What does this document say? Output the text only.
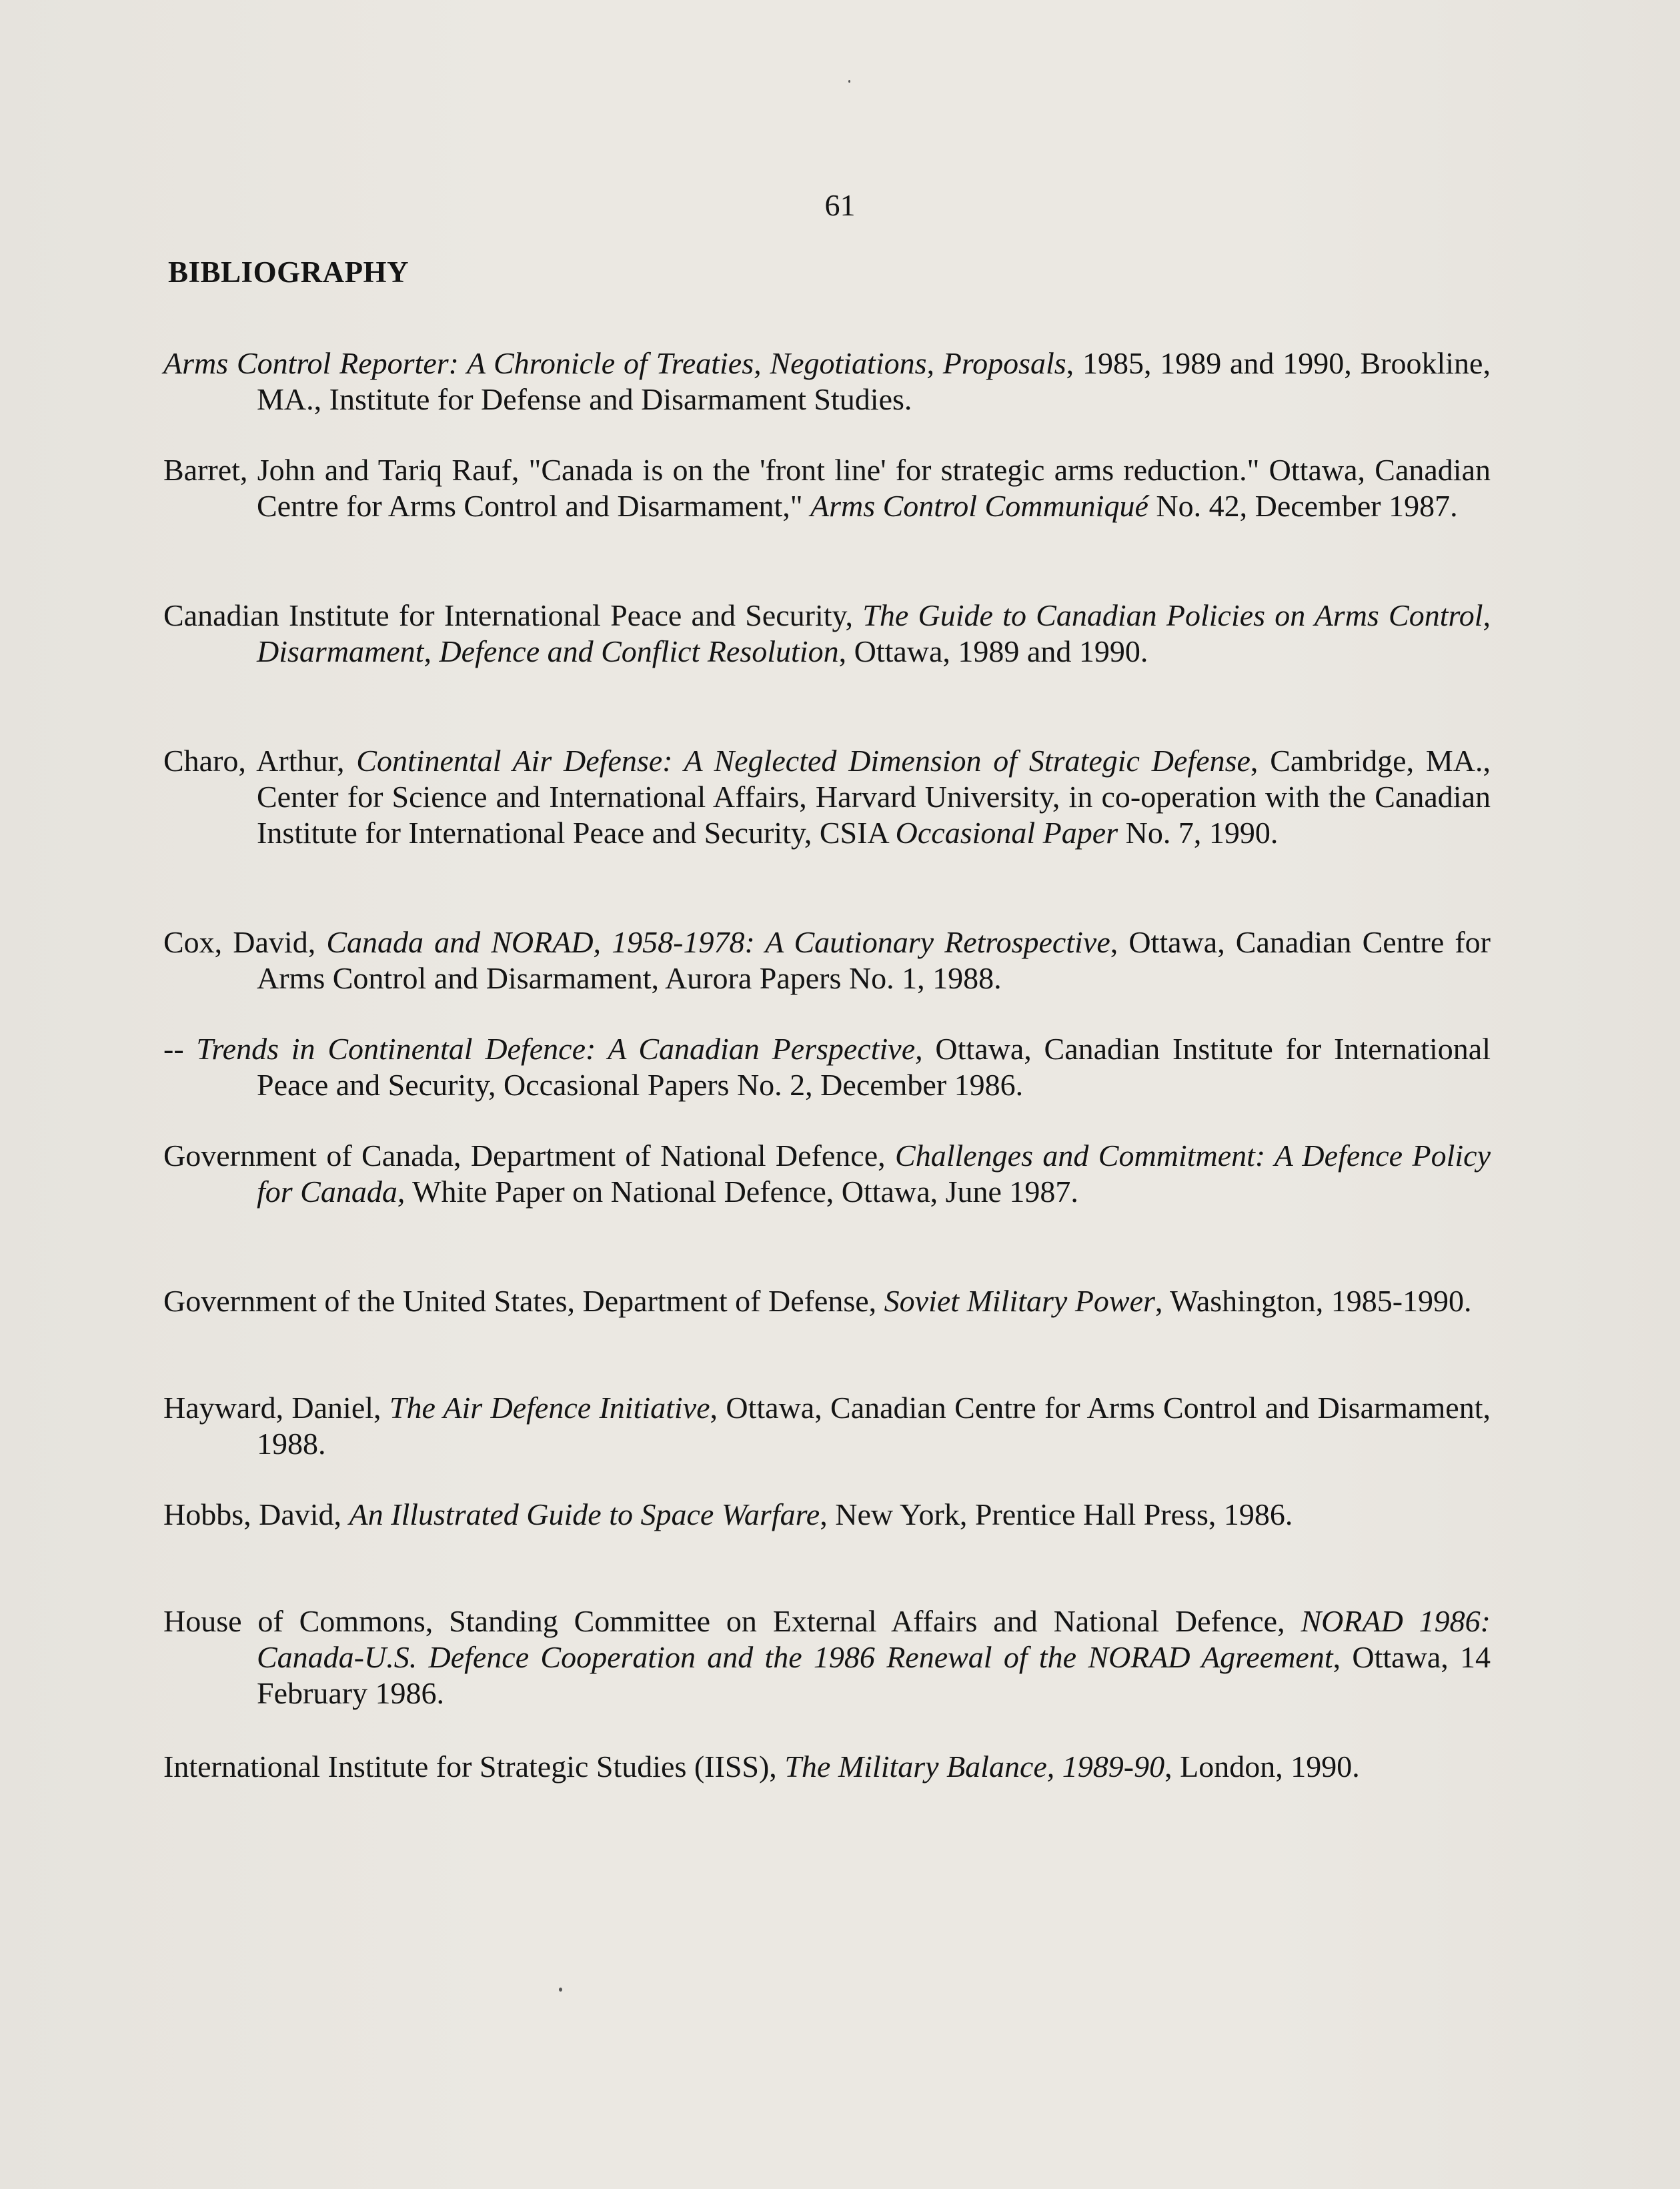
61
BIBLIOGRAPHY
Arms Control Reporter: A Chronicle of Treaties, Negotiations, Proposals, 1985, 1989 and 1990, Brookline, MA., Institute for Defense and Disarmament Studies.
Barret, John and Tariq Rauf, "Canada is on the 'front line' for strategic arms reduction." Ottawa, Canadian Centre for Arms Control and Disarmament," Arms Control Communiqué No. 42, December 1987.
Canadian Institute for International Peace and Security, The Guide to Canadian Policies on Arms Control, Disarmament, Defence and Conflict Resolution, Ottawa, 1989 and 1990.
Charo, Arthur, Continental Air Defense: A Neglected Dimension of Strategic Defense, Cambridge, MA., Center for Science and International Affairs, Harvard University, in co-operation with the Canadian Institute for International Peace and Security, CSIA Occasional Paper No. 7, 1990.
Cox, David, Canada and NORAD, 1958-1978: A Cautionary Retrospective, Ottawa, Canadian Centre for Arms Control and Disarmament, Aurora Papers No. 1, 1988.
-- Trends in Continental Defence: A Canadian Perspective, Ottawa, Canadian Institute for International Peace and Security, Occasional Papers No. 2, December 1986.
Government of Canada, Department of National Defence, Challenges and Commitment: A Defence Policy for Canada, White Paper on National Defence, Ottawa, June 1987.
Government of the United States, Department of Defense, Soviet Military Power, Washington, 1985-1990.
Hayward, Daniel, The Air Defence Initiative, Ottawa, Canadian Centre for Arms Control and Disarmament, 1988.
Hobbs, David, An Illustrated Guide to Space Warfare, New York, Prentice Hall Press, 1986.
House of Commons, Standing Committee on External Affairs and National Defence, NORAD 1986: Canada-U.S. Defence Cooperation and the 1986 Renewal of the NORAD Agreement, Ottawa, 14 February 1986.
International Institute for Strategic Studies (IISS), The Military Balance, 1989-90, London, 1990.
